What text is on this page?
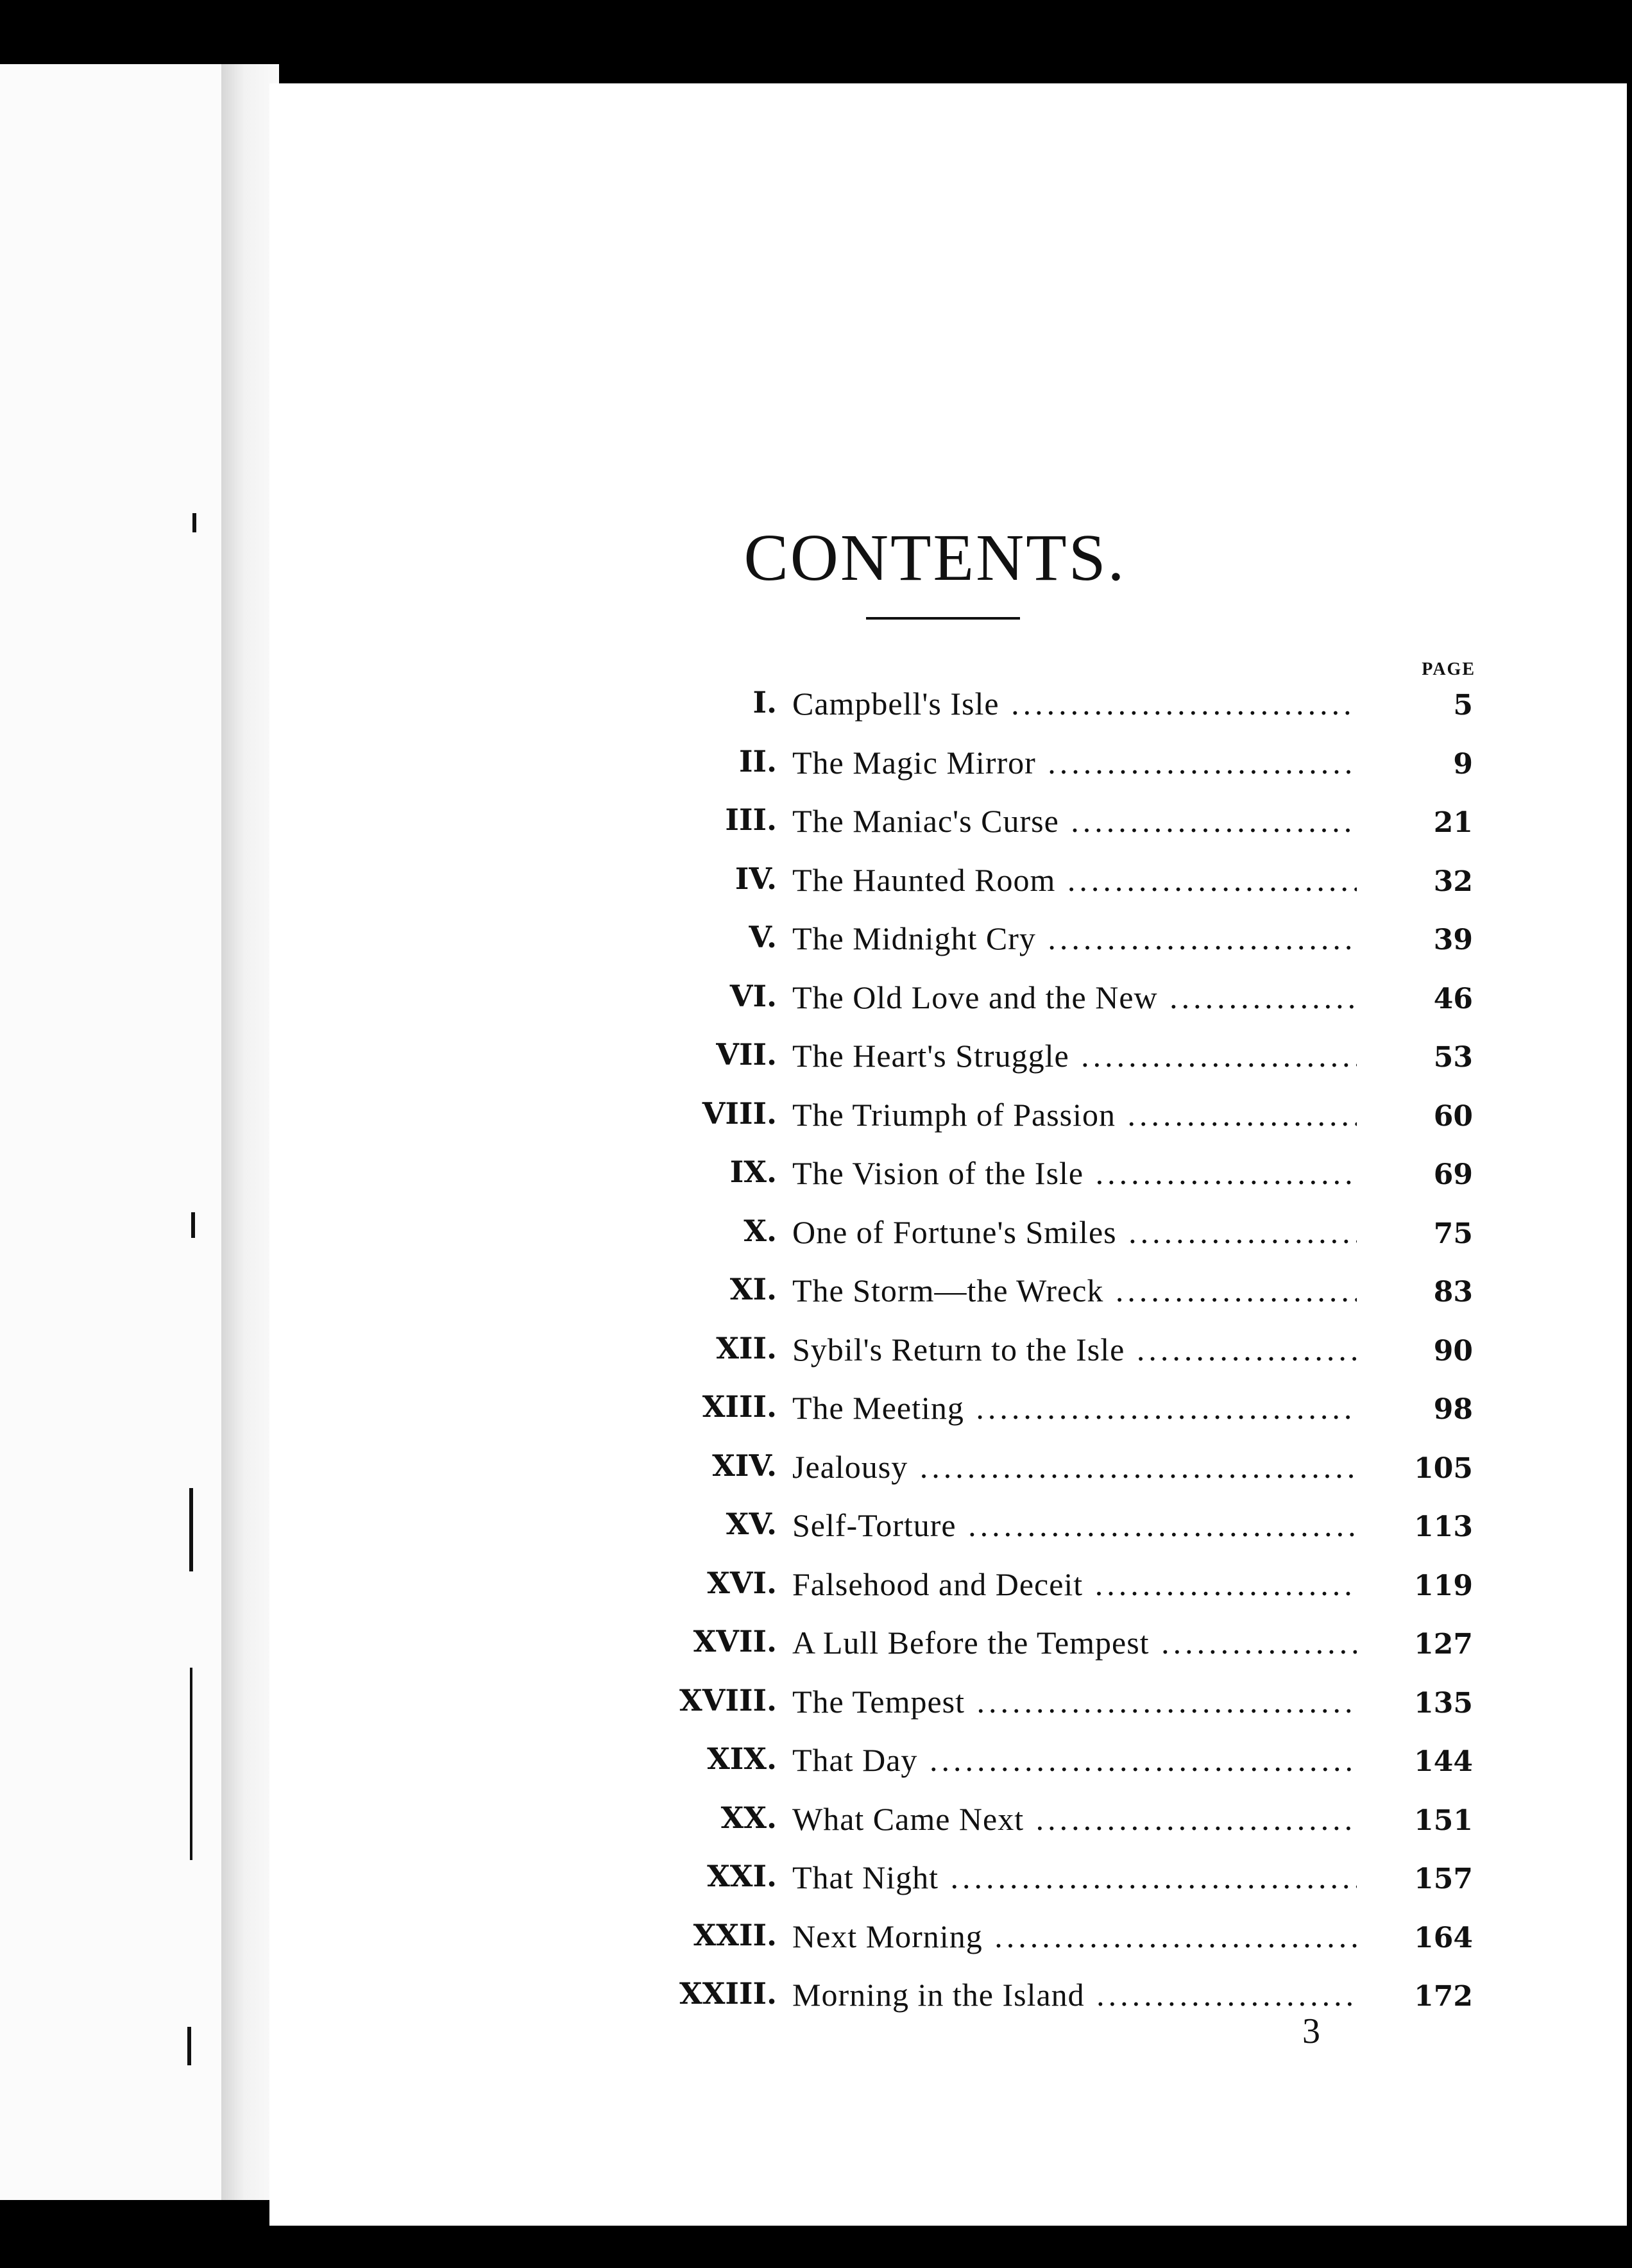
CONTENTS.
PAGE
I. Campbell's Isle .....	5
II. The Magic Mirror .....	9
III. The Maniac's Curse .....	21
IV. The Haunted Room .....	32
V. The Midnight Cry .....	39
VI. The Old Love and the New .....	46
VII. The Heart's Struggle .....	53
VIII. The Triumph of Passion .....	60
IX. The Vision of the Isle .....	69
X. One of Fortune's Smiles .....	75
XI. The Storm—the Wreck .....	83
XII. Sybil's Return to the Isle .....	90
XIII. The Meeting .....	98
XIV. Jealousy .....	105
XV. Self-Torture .....	113
XVI. Falsehood and Deceit .....	119
XVII. A Lull Before the Tempest .....	127
XVIII. The Tempest .....	135
XIX. That Day .....	144
XX. What Came Next .....	151
XXI. That Night .....	157
XXII. Next Morning .....	164
XXIII. Morning in the Island .....	172
3
